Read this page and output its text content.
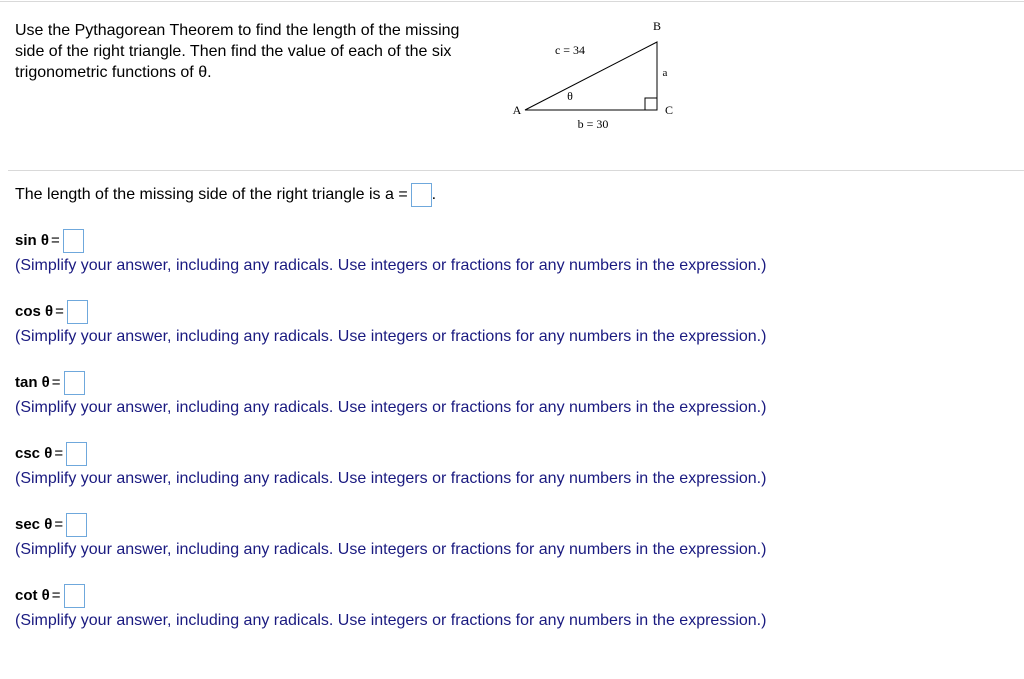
Use the Pythagorean Theorem to find the length of the missing side of the right triangle. Then find the value of each of the six trigonometric functions of θ.

B
c = 34
a
θ
A	C
b = 30
The length of the missing side of the right triangle is a = .
sin
θ =
(Simplify your answer, including any radicals. Use integers or fractions for any numbers in the expression.)
cos
θ =
(Simplify your answer, including any radicals. Use integers or fractions for any numbers in the expression.)
tan
θ =
(Simplify your answer, including any radicals. Use integers or fractions for any numbers in the expression.)
csc
θ =
(Simplify your answer, including any radicals. Use integers or fractions for any numbers in the expression.)
sec
θ =
(Simplify your answer, including any radicals. Use integers or fractions for any numbers in the expression.)
cot
θ =
(Simplify your answer, including any radicals. Use integers or fractions for any numbers in the expression.)
